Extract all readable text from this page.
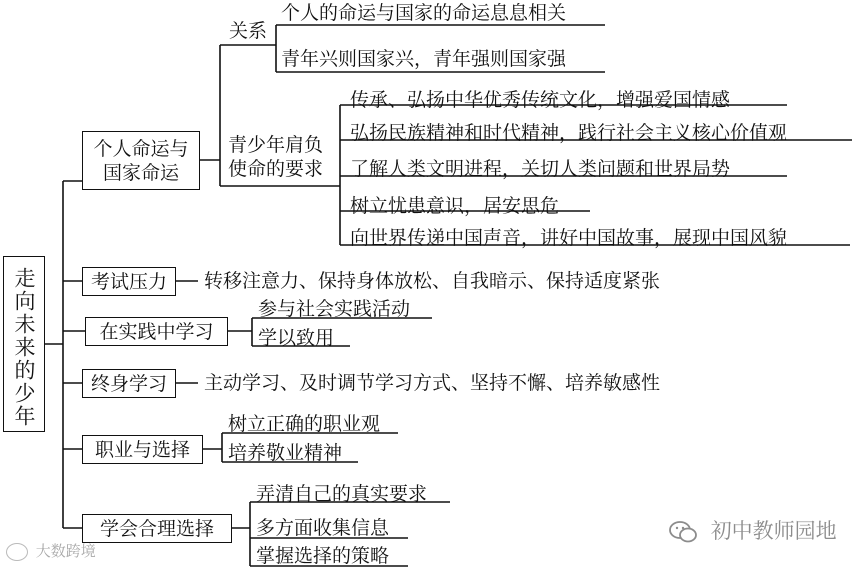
走向未来的少年
个人命运与
国家命运
关系
个人的命运与国家的命运息息相关
青年兴则国家兴，青年强则国家强
青少年肩负
使命的要求
传承、弘扬中华优秀传统文化，增强爱国情感
弘扬民族精神和时代精神，践行社会主义核心价值观
了解人类文明进程，关切人类问题和世界局势
树立忧患意识，居安思危
向世界传递中国声音，讲好中国故事，展现中国风貌
考试压力 转移注意力、保持身体放松、自我暗示、保持适度紧张
在实践中学习
参与社会实践活动
学以致用
终身学习 主动学习、及时调节学习方式、坚持不懈、培养敏感性
职业与选择
树立正确的职业观
培养敬业精神
学会合理选择
弄清自己的真实要求
多方面收集信息
掌握选择的策略
大数跨境
初中教师园地
